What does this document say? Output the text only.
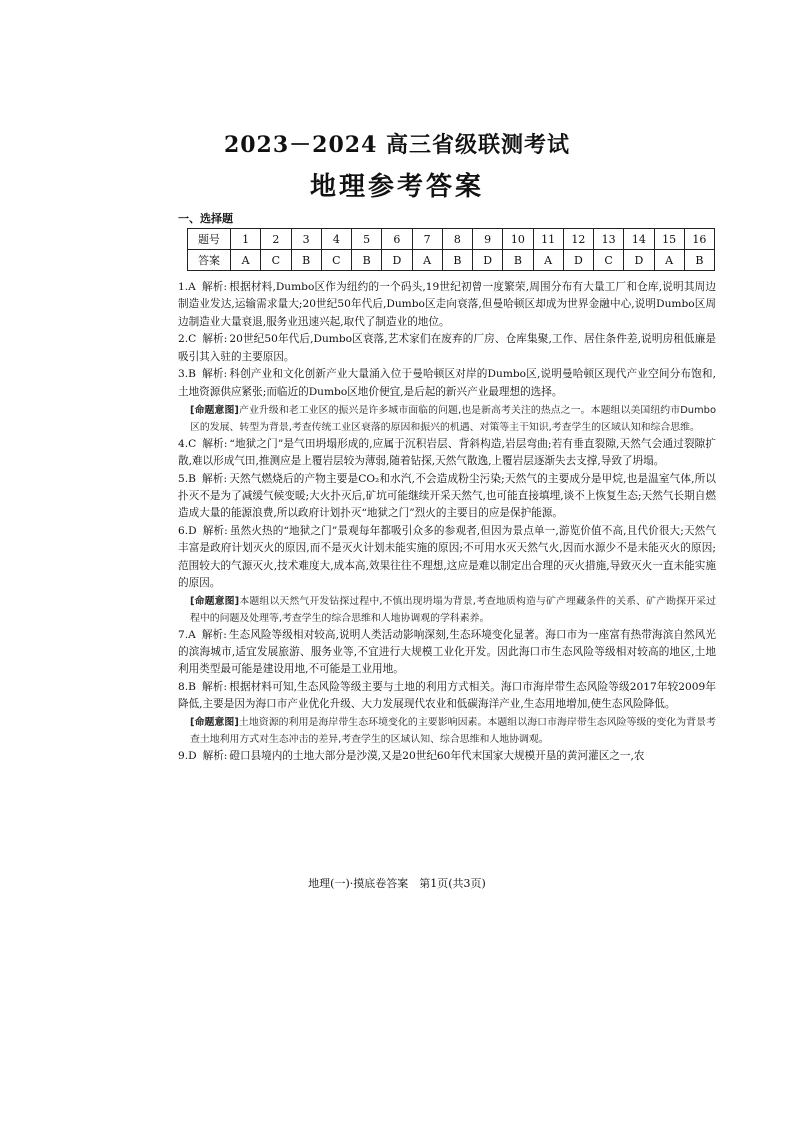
2023－2024 高三省级联测考试
地理参考答案
一、选择题
题号	1	2	3	4	5	6	7	8	9	10	11	12	13	14	15	16
答案	A	C	B	C	B	D	A	B	D	B	A	D	C	D	A	B
1.A 解析: 根据材料,Dumbo区作为纽约的一个码头,19世纪初曾一度繁荣,周围分布有大量工厂和仓库,说明其周边制造业发达,运输需求量大;20世纪50年代后,Dumbo区走向衰落,但曼哈顿区却成为世界金融中心,说明Dumbo区周边制造业大量衰退,服务业迅速兴起,取代了制造业的地位。
2.C 解析: 20世纪50年代后,Dumbo区衰落,艺术家们在废弃的厂房、仓库集聚,工作、居住条件差,说明房租低廉是吸引其入驻的主要原因。
3.B 解析: 科创产业和文化创新产业大量涌入位于曼哈顿区对岸的Dumbo区,说明曼哈顿区现代产业空间分布饱和,土地资源供应紧张;而临近的Dumbo区地价便宜,是后起的新兴产业最理想的选择。
[命题意图]产业升级和老工业区的振兴是许多城市面临的问题,也是新高考关注的热点之一。本题组以美国纽约市Dumbo区的发展、转型为背景,考查传统工业区衰落的原因和振兴的机遇、对策等主干知识,考查学生的区域认知和综合思维。
4.C 解析: “地狱之门”是气田坍塌形成的,应属于沉积岩层、背斜构造,岩层弯曲;若有垂直裂隙,天然气会通过裂隙扩散,难以形成气田,推测应是上覆岩层较为薄弱,随着钻探,天然气散逸,上覆岩层逐渐失去支撑,导致了坍塌。
5.B 解析: 天然气燃烧后的产物主要是CO₂和水汽,不会造成粉尘污染;天然气的主要成分是甲烷,也是温室气体,所以扑灭不是为了减缓气候变暖;大火扑灭后,矿坑可能继续开采天然气,也可能直接填埋,谈不上恢复生态;天然气长期自燃造成大量的能源浪费,所以政府计划扑灭“地狱之门”烈火的主要目的应是保护能源。
6.D 解析: 虽然火热的“地狱之门”景观每年都吸引众多的参观者,但因为景点单一,游览价值不高,且代价很大;天然气丰富是政府计划灭火的原因,而不是灭火计划未能实施的原因;不可用水灭天然气火,因而水源少不是未能灭火的原因;范围较大的气源灭火,技术难度大,成本高,效果往往不理想,这应是难以制定出合理的灭火措施,导致灭火一直未能实施的原因。
[命题意图]本题组以天然气开发钻探过程中,不慎出现坍塌为背景,考查地质构造与矿产埋藏条件的关系、矿产勘探开采过程中的问题及处理等,考查学生的综合思维和人地协调观的学科素养。
7.A 解析: 生态风险等级相对较高,说明人类活动影响深刻,生态环境变化显著。海口市为一座富有热带海滨自然风光的滨海城市,适宜发展旅游、服务业等,不宜进行大规模工业化开发。因此海口市生态风险等级相对较高的地区,土地利用类型最可能是建设用地,不可能是工业用地。
8.B 解析: 根据材料可知,生态风险等级主要与土地的利用方式相关。海口市海岸带生态风险等级2017年较2009年降低,主要是因为海口市产业优化升级、大力发展现代农业和低碳海洋产业,生态用地增加,使生态风险降低。
[命题意图]土地资源的利用是海岸带生态环境变化的主要影响因素。本题组以海口市海岸带生态风险等级的变化为背景考查土地利用方式对生态冲击的差异,考查学生的区域认知、综合思维和人地协调观。
9.D 解析: 磴口县境内的土地大部分是沙漠,又是20世纪60年代末国家大规模开垦的黄河灌区之一,农
地理(一)·摸底卷答案　第1页(共3页)
